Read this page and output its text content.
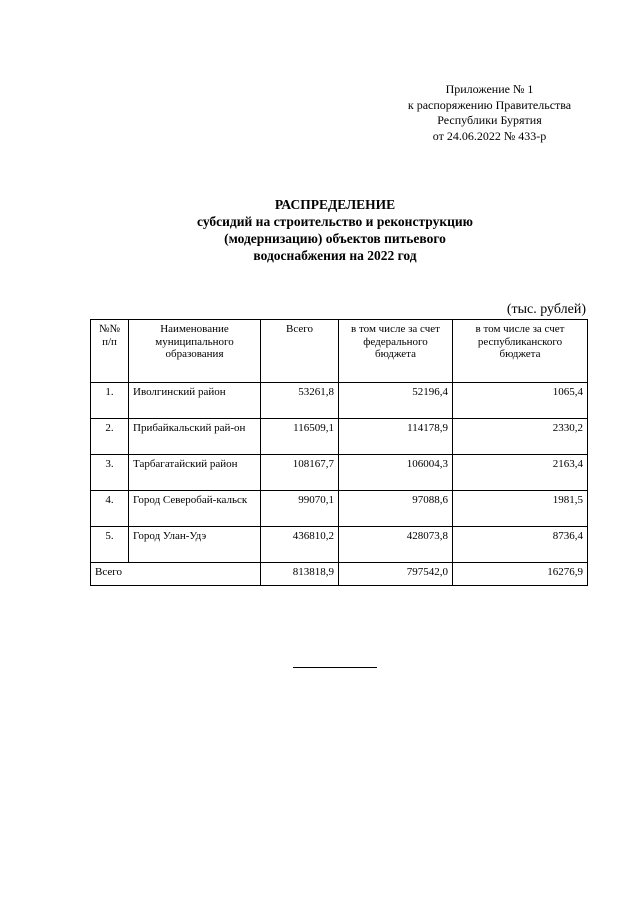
Приложение № 1
к распоряжению Правительства
Республики Бурятия
от 24.06.2022 № 433-р
РАСПРЕДЕЛЕНИЕ
субсидий на строительство и реконструкцию
(модернизацию) объектов питьевого
водоснабжения на 2022 год
(тыс. рублей)
№№ п/п	Наименование муниципального образования	Всего	в том числе за счет федерального бюджета	в том числе за счет республиканского бюджета
1.	Иволгинский район	53261,8	52196,4	1065,4
2.	Прибайкальский рай-он	116509,1	114178,9	2330,2
3.	Тарбагатайский район	108167,7	106004,3	2163,4
4.	Город Северобай-кальск	99070,1	97088,6	1981,5
5.	Город Улан-Удэ	436810,2	428073,8	8736,4
Всего		813818,9	797542,0	16276,9
